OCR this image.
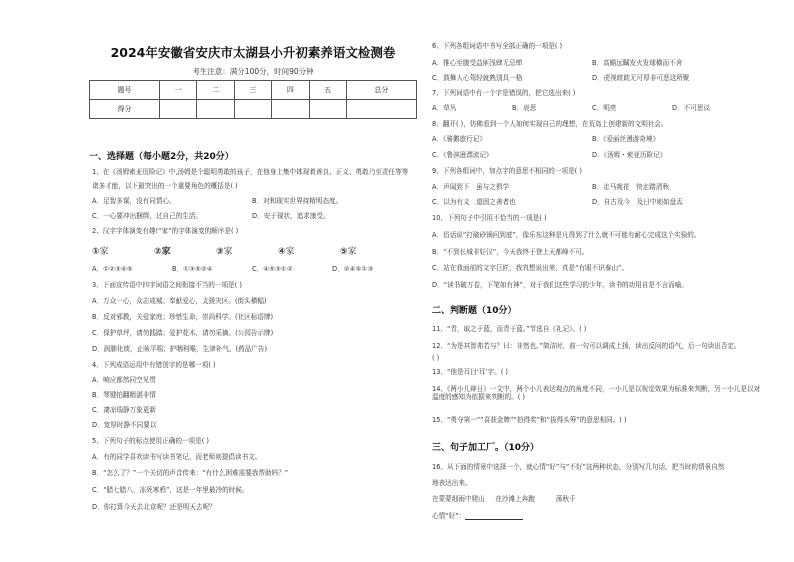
2024年安徽省安庆市太湖县小升初素养语文检测卷
考生注意：满分100分，时间90分钟
题号	一	二	三	四	五	总分
得分						
一、选择题（每小题2分，共20分）
1、在《汤姆索亚历险记》中,汤姆是个聪明勇敢的孩子，在他身上集中体现着善良、正义、勇敢乃至责任等等
诸多才能，以下最突出的一个重要角色的概括是( )
A．足智多谋，没有同情心。	B．对和现实世界持精明态度。
C．一心要冲出捆绑，过自己的生活。	D．安于现状，追求康受。
2、汉字字体演变有趣!“家”的字体演变的顺序是( )
①家	②家	③家	④家	⑤家
A．①②③④⑤	B．①③⑤②④	C．④⑤③①②	D．②④⑤①③
3、下面宣传语中四字词语之间衔接不当的一项是( )
A．万众一心，众志成城；奉献爱心，支援灾区。(街头横幅)
B．反对邪教，关爱家庭；珍惜生命，崇尚科学。(社区标语牌)
C．保护草坪，请勿践踏；爱护花木，请勿采摘。(公园告示牌)
D．润肺化痰，止咳平喘；护咽利喉，生津补气。(药品广告)
4、下列成语运用中有错别字的是哪一项( )
A．响应都然同空见贯
B．琴键拍翻精湛非情
C．凄凉瑞静万象更新
D．宽厚时静不同要以
5、下列句子的标点使用正确的一项是( )
A．有的同学喜欢读书写读书笔记，而老师则提倡读书文。
B．“怎么了？”一个关切的声音传来：“有什么困难需要我帮助吗？”
C．“腊七腊八，冻死寒鸦”，这是一年里最冷的时候。
D．你打算今天去北京呢？还是明天去呢？
6、下列各组词语中书写全部正确的一项是( )
A．推心至腹受益匪浅肆无忌惮	B．高瞻远瞩发火发球横而不舍
C．鼓舞人心驾轻就熟别具一格	D．虎视眈眈无可厚非可恶这所聚
7、下列词语中有一个字是错误的，把它选出来( )
A．草丛	B．哀思	C．明亮	D．不可思议
8、翻开( )，仿佛看到一个人如何实现自己的理想，在荒岛上创建新的文明社会。
A．《骑鹅旅行记》	B．《爱丽丝漫游奇境》
C．《鲁滨逊漂流记》	D．《汤姆・索亚历险记》
9、下列各组词中，加点字的意思不相同的一项是( )
A．声闻到下　虽与之俱学	B．走马观花　快走踏清秋
C．以为有义　道固之善者也	D．自古及今　及日中则如盘盂
10、下列句子中引用不恰当的一项是( )
A．俗话说“打破砂锅问到底”，像乐东这种是凡得到了什么就不可能有耐心完成这个实验的。
B．“不到长城非好汉”，今天我终于登上天都峰不可。
C．站在我面前的文字巨匠，我真想说出来，真是“有眼不识泰山”。
D．“读书破万卷，下笔如有神”，对于我们这些学习的少年，读书的功用自是不言而喻。
二、判断题（10分）
11、“青，取之于蓝，而青于蓝。”节选自《礼记》。( )
12、“为是其智弗若与？曰：非然也。”简洁时，前一句可以调成上扬，读出反问的语气，后一句读出否定。
( )
13、“他是耳目‘耳’字。( )
14、《两小儿辩日》一文中，两个小儿表达观点的角度不同，一小儿是以视觉效果为标准来判断，另一小儿是以对温度的感知为依据来判断的。( )
15、“勇夺第一”“喜获金牌”“拍得奖”和“拔得头筹”的意思相同。( )
三、句子加工厂。（10分）
16、从下面的情景中选择一个，就心情“好”与“不好”这两种状态，分别写几句话，把当时的情景自然
地表达出来。
在蒙蒙细雨中爬山 在沙滩上奔跑	荡秋千
心情“好”：
